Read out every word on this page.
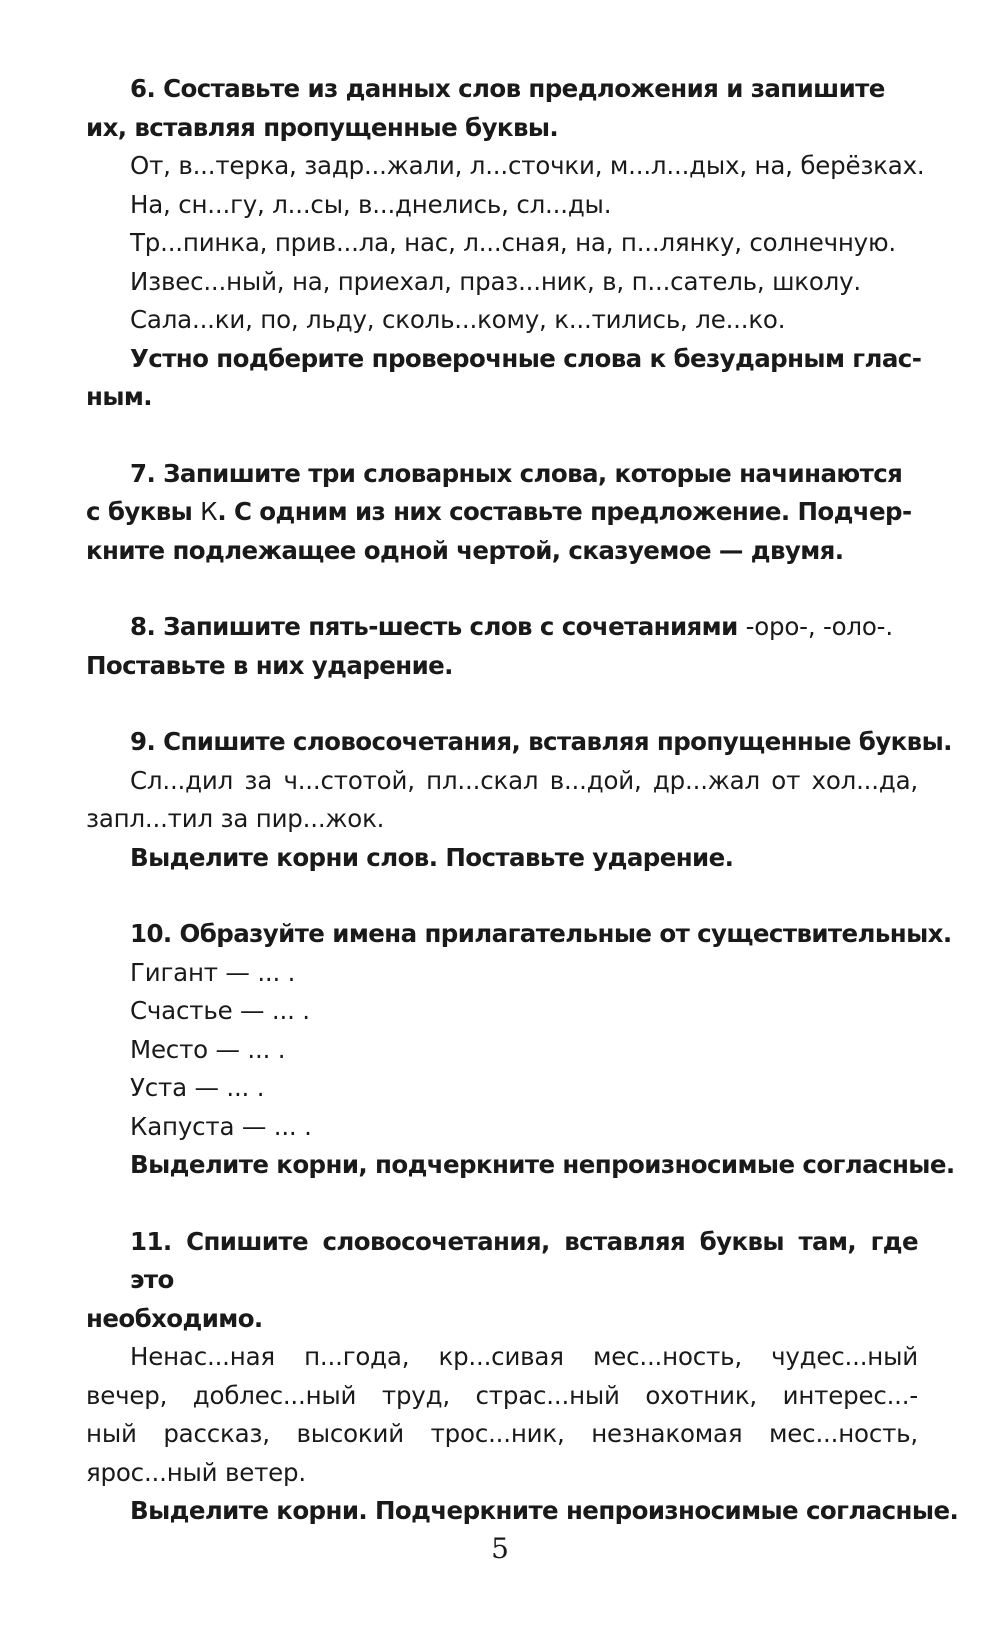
6. Составьте из данных слов предложения и запишите
их, вставляя пропущенные буквы.
От, в...терка, задр...жали, л...сточки, м...л...дых, на, берёзках.
На, сн...гу, л...сы, в...днелись, сл...ды.
Тр...пинка, прив...ла, нас, л...сная, на, п...лянку, солнечную.
Извес...ный, на, приехал, праз...ник, в, п...сатель, школу.
Сала...ки, по, льду, сколь...кому, к...тились, ле...ко.
Устно подберите проверочные слова к безударным глас-
ным.
7. Запишите три словарных слова, которые начинаются
с буквы К. С одним из них составьте предложение. Подчер-
кните подлежащее одной чертой, сказуемое — двумя.
8. Запишите пять-шесть слов с сочетаниями -оро-, -оло-.
Поставьте в них ударение.
9. Спишите словосочетания, вставляя пропущенные буквы.
Сл...дил за ч...стотой, пл...скал в...дой, др...жал от хол...да,
запл...тил за пир...жок.
Выделите корни слов. Поставьте ударение.
10. Образуйте имена прилагательные от существительных.
Гигант — ... .
Счастье — ... .
Место — ... .
Уста — ... .
Капуста — ... .
Выделите корни, подчеркните непроизносимые согласные.
11. Спишите словосочетания, вставляя буквы там, где это
необходимо.
Ненас...ная п...года, кр...сивая мес...ность, чудес...ный
вечер, доблес...ный труд, страс...ный охотник, интерес...-
ный рассказ, высокий трос...ник, незнакомая мес...ность,
ярос...ный ветер.
Выделите корни. Подчеркните непроизносимые согласные.
5
